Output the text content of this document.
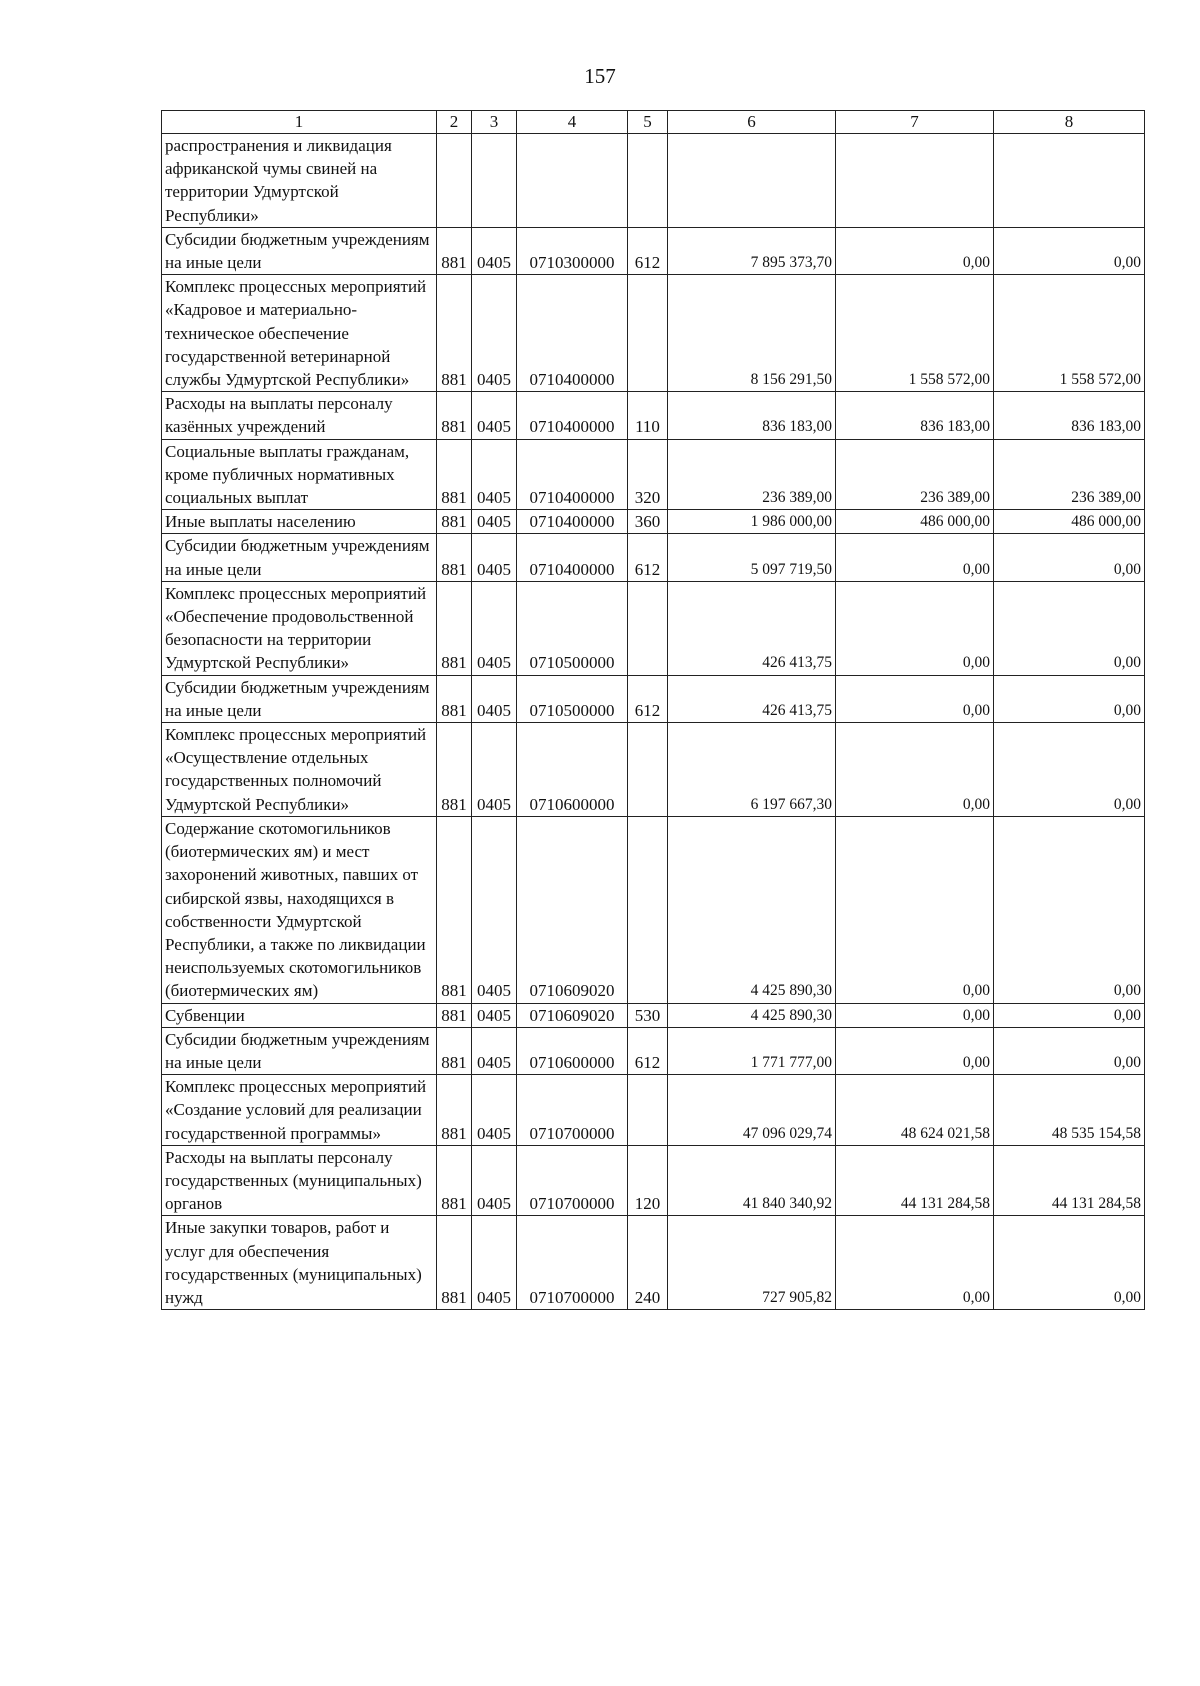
157
1	2	3	4	5	6	7	8
распространения и ликвидация африканской чумы свиней на территории Удмуртской Республики»							
Субсидии бюджетным учреждениям на иные цели	881	0405	0710300000	612	7 895 373,70	0,00	0,00
Комплекс процессных мероприятий «Кадровое и материально-техническое обеспечение государственной ветеринарной службы Удмуртской Республики»	881	0405	0710400000		8 156 291,50	1 558 572,00	1 558 572,00
Расходы на выплаты персоналу казённых учреждений	881	0405	0710400000	110	836 183,00	836 183,00	836 183,00
Социальные выплаты гражданам, кроме публичных нормативных социальных выплат	881	0405	0710400000	320	236 389,00	236 389,00	236 389,00
Иные выплаты населению	881	0405	0710400000	360	1 986 000,00	486 000,00	486 000,00
Субсидии бюджетным учреждениям на иные цели	881	0405	0710400000	612	5 097 719,50	0,00	0,00
Комплекс процессных мероприятий «Обеспечение продовольственной безопасности на территории Удмуртской Республики»	881	0405	0710500000		426 413,75	0,00	0,00
Субсидии бюджетным учреждениям на иные цели	881	0405	0710500000	612	426 413,75	0,00	0,00
Комплекс процессных мероприятий «Осуществление отдельных государственных полномочий Удмуртской Республики»	881	0405	0710600000		6 197 667,30	0,00	0,00
Содержание скотомогильников (биотермических ям) и мест захоронений животных, павших от сибирской язвы, находящихся в собственности Удмуртской Республики, а также по ликвидации неиспользуемых скотомогильников (биотермических ям)	881	0405	0710609020		4 425 890,30	0,00	0,00
Субвенции	881	0405	0710609020	530	4 425 890,30	0,00	0,00
Субсидии бюджетным учреждениям на иные цели	881	0405	0710600000	612	1 771 777,00	0,00	0,00
Комплекс процессных мероприятий «Создание условий для реализации государственной программы»	881	0405	0710700000		47 096 029,74	48 624 021,58	48 535 154,58
Расходы на выплаты персоналу государственных (муниципальных) органов	881	0405	0710700000	120	41 840 340,92	44 131 284,58	44 131 284,58
Иные закупки товаров, работ и услуг для обеспечения государственных (муниципальных) нужд	881	0405	0710700000	240	727 905,82	0,00	0,00
